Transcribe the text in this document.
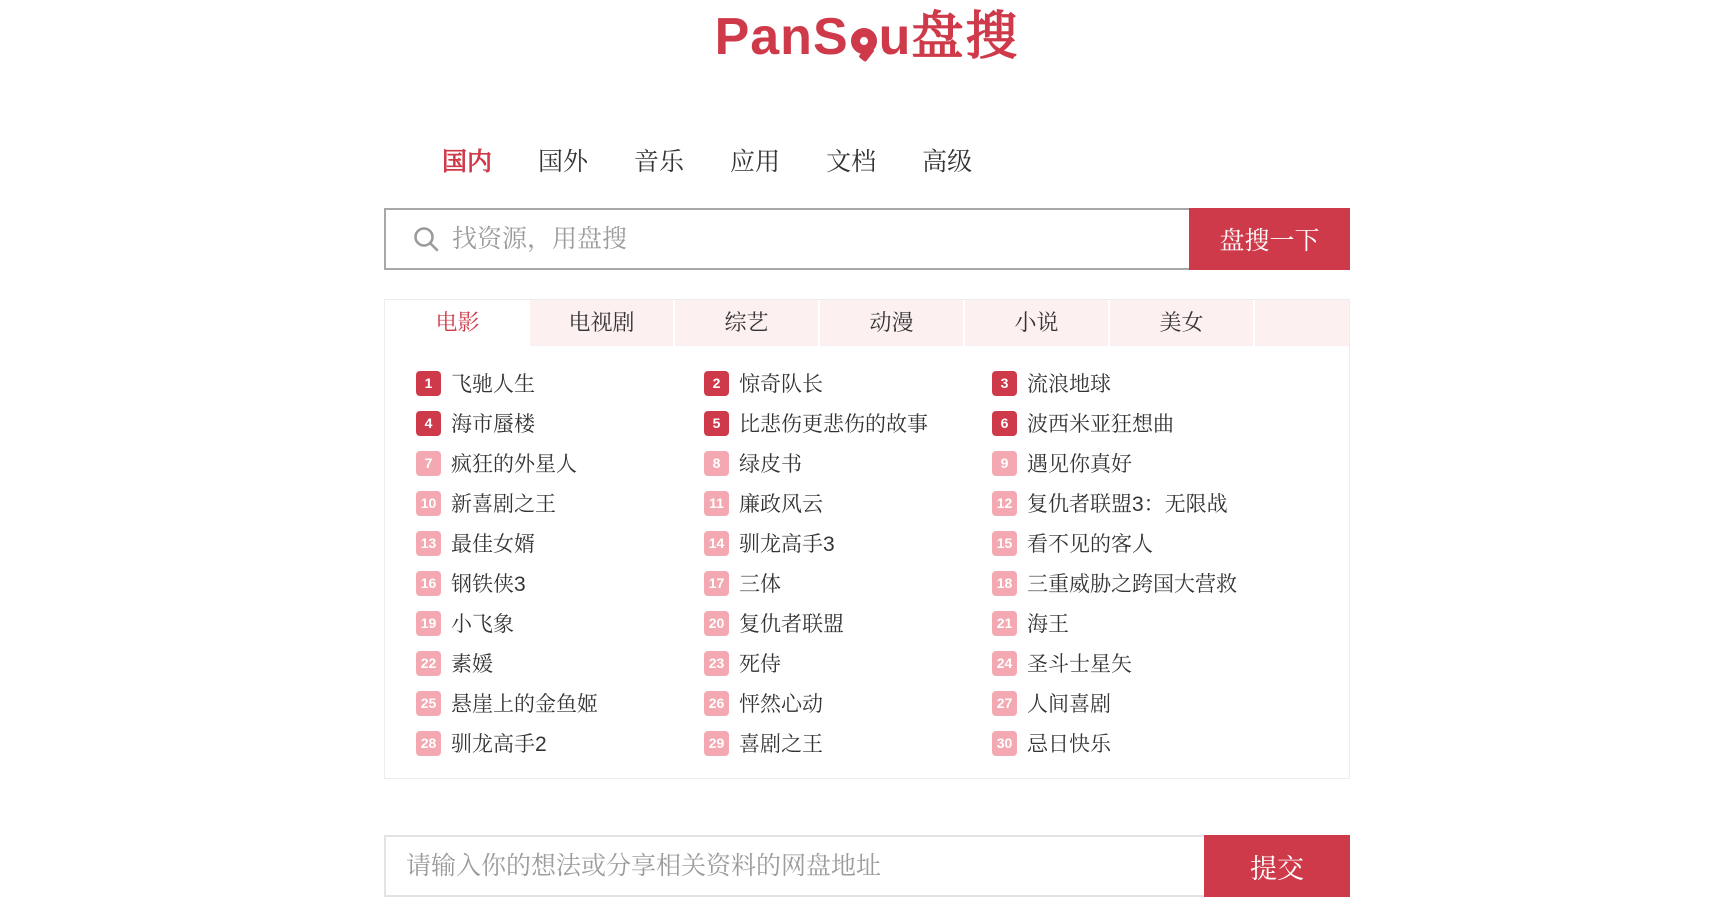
PanS u盘搜
国内 国外 音乐 应用 文档 高级
找资源，用盘搜
盘搜一下
电影	电视剧	综艺	动漫	小说	美女
1 飞驰人生	2 惊奇队长	3 流浪地球
4 海市蜃楼	5 比悲伤更悲伤的故事	6 波西米亚狂想曲
7 疯狂的外星人	8 绿皮书	9 遇见你真好
10 新喜剧之王	11 廉政风云	12 复仇者联盟3：无限战
13 最佳女婿	14 驯龙高手3	15 看不见的客人
16 钢铁侠3	17 三体	18 三重威胁之跨国大营救
19 小飞象	20 复仇者联盟	21 海王
22 素媛	23 死侍	24 圣斗士星矢
25 悬崖上的金鱼姬	26 怦然心动	27 人间喜剧
28 驯龙高手2	29 喜剧之王	30 忌日快乐
请输入你的想法或分享相关资料的网盘地址
提交
